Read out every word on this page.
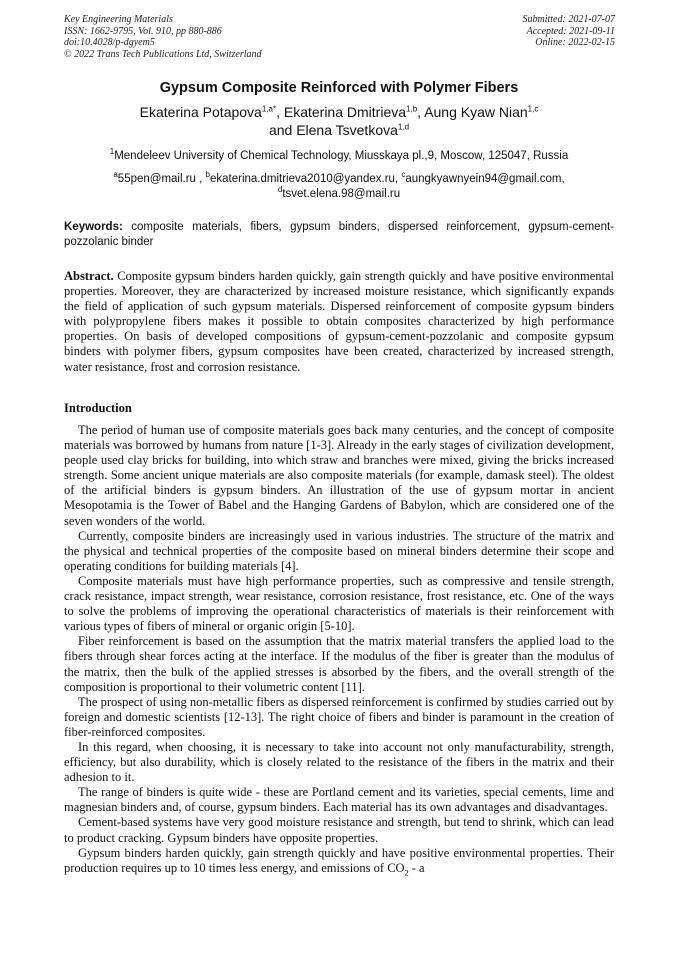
Key Engineering Materials
ISSN: 1662-9795, Vol. 910, pp 880-886
doi:10.4028/p-dgyem5
© 2022 Trans Tech Publications Ltd, Switzerland
Submitted: 2021-07-07
Accepted: 2021-09-11
Online: 2022-02-15
Gypsum Composite Reinforced with Polymer Fibers
Ekaterina Potapova$^{1,a*}$, Ekaterina Dmitrieva$^{1,b}$, Aung Kyaw Nian$^{1,c}$
and Elena Tsvetkova$^{1,d}$
$^1$Mendeleev University of Chemical Technology, Miusskaya pl.,9, Moscow, 125047, Russia
$^a$55pen@mail.ru , $^b$ekaterina.dmitrieva2010@yandex.ru, $^c$aungkyawnyein94@gmail.com,
$^d$tsvet.elena.98@mail.ru
Keywords: composite materials, fibers, gypsum binders, dispersed reinforcement, gypsum-cement-pozzolanic binder
Abstract. Composite gypsum binders harden quickly, gain strength quickly and have positive environmental properties. Moreover, they are characterized by increased moisture resistance, which significantly expands the field of application of such gypsum materials. Dispersed reinforcement of composite gypsum binders with polypropylene fibers makes it possible to obtain composites characterized by high performance properties. On basis of developed compositions of gypsum-cement-pozzolanic and composite gypsum binders with polymer fibers, gypsum composites have been created, characterized by increased strength, water resistance, frost and corrosion resistance.
Introduction

The period of human use of composite materials goes back many centuries, and the concept of composite materials was borrowed by humans from nature [1-3]. Already in the early stages of civilization development, people used clay bricks for building, into which straw and branches were mixed, giving the bricks increased strength. Some ancient unique materials are also composite materials (for example, damask steel). The oldest of the artificial binders is gypsum binders. An illustration of the use of gypsum mortar in ancient Mesopotamia is the Tower of Babel and the Hanging Gardens of Babylon, which are considered one of the seven wonders of the world.

Currently, composite binders are increasingly used in various industries. The structure of the matrix and the physical and technical properties of the composite based on mineral binders determine their scope and operating conditions for building materials [4].

Composite materials must have high performance properties, such as compressive and tensile strength, crack resistance, impact strength, wear resistance, corrosion resistance, frost resistance, etc. One of the ways to solve the problems of improving the operational characteristics of materials is their reinforcement with various types of fibers of mineral or organic origin [5-10].

Fiber reinforcement is based on the assumption that the matrix material transfers the applied load to the fibers through shear forces acting at the interface. If the modulus of the fiber is greater than the modulus of the matrix, then the bulk of the applied stresses is absorbed by the fibers, and the overall strength of the composition is proportional to their volumetric content [11].

The prospect of using non-metallic fibers as dispersed reinforcement is confirmed by studies carried out by foreign and domestic scientists [12-13]. The right choice of fibers and binder is paramount in the creation of fiber-reinforced composites.

In this regard, when choosing, it is necessary to take into account not only manufacturability, strength, efficiency, but also durability, which is closely related to the resistance of the fibers in the matrix and their adhesion to it.

The range of binders is quite wide - these are Portland cement and its varieties, special cements, lime and magnesian binders and, of course, gypsum binders. Each material has its own advantages and disadvantages.

Cement-based systems have very good moisture resistance and strength, but tend to shrink, which can lead to product cracking. Gypsum binders have opposite properties.

Gypsum binders harden quickly, gain strength quickly and have positive environmental properties. Their production requires up to 10 times less energy, and emissions of $CO_2$ - a
